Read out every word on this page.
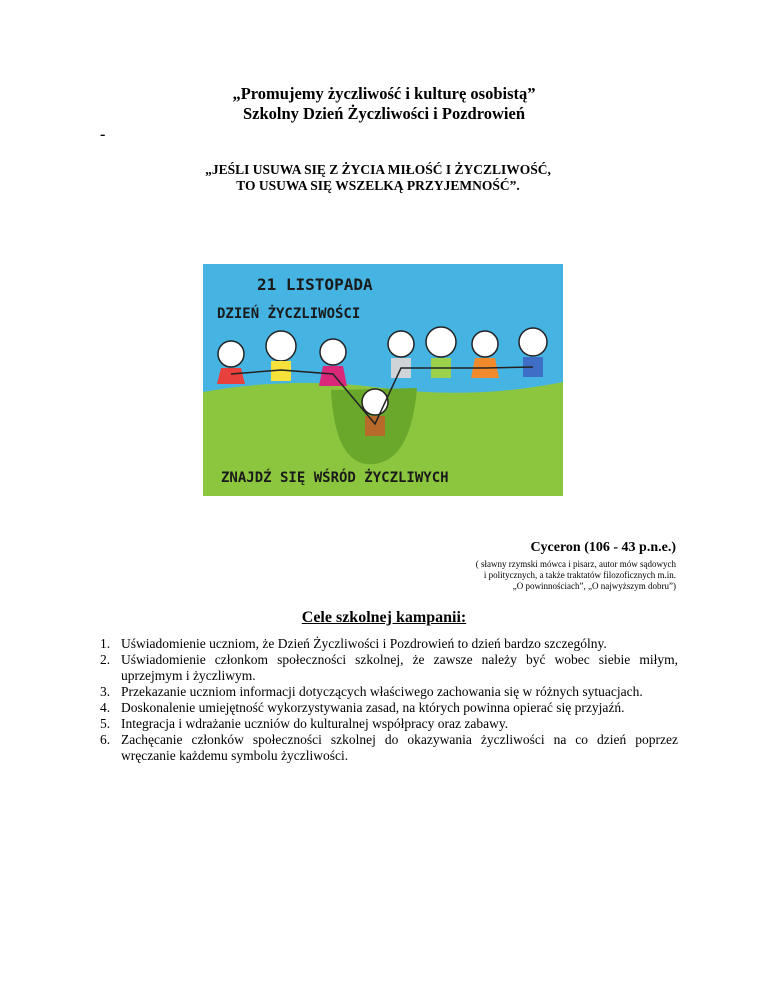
„Promujemy życzliwość i kulturę osobistą”
Szkolny Dzień Życzliwości i Pozdrowień
-
„JEŚLI USUWA SIĘ Z ŻYCIA MIŁOŚĆ I ŻYCZLIWOŚĆ,
TO USUWA SIĘ WSZELKĄ PRZYJEMNOŚĆ”.
21 LISTOPADA
DZIEŃ ŻYCZLIWOŚCI
ZNAJDŹ SIĘ WŚRÓD ŻYCZLIWYCH
Cyceron (106 - 43 p.n.e.)
( sławny rzymski mówca i pisarz, autor mów sądowych
i politycznych, a także traktatów filozoficznych m.in.
„O powinnościach”, „O najwyższym dobru”)
Cele szkolnej kampanii:
1. Uświadomienie uczniom, że Dzień Życzliwości i Pozdrowień to dzień bardzo szczególny.
2. Uświadomienie członkom społeczności szkolnej, że zawsze należy być wobec siebie miłym, uprzejmym i życzliwym.
3. Przekazanie uczniom informacji dotyczących właściwego zachowania się w różnych sytuacjach.
4. Doskonalenie umiejętność wykorzystywania zasad, na których powinna opierać się przyjaźń.
5. Integracja i wdrażanie uczniów do kulturalnej współpracy oraz zabawy.
6. Zachęcanie członków społeczności szkolnej do okazywania życzliwości na co dzień poprzez wręczanie każdemu symbolu życzliwości.
